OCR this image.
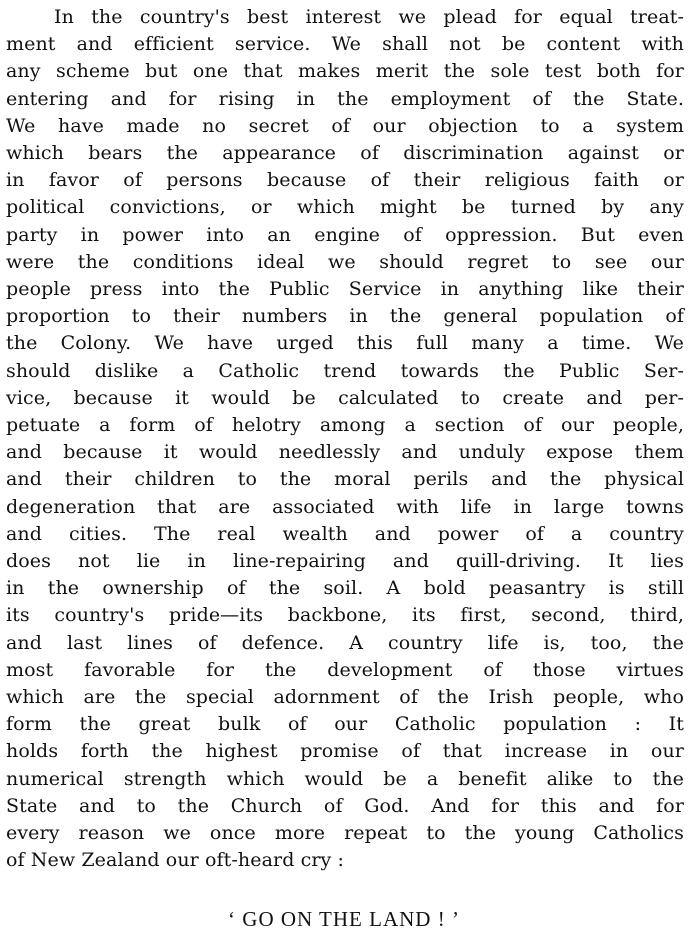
In the country's best interest we plead for equal treat-
ment and efficient service. We shall not be content with
any scheme but one that makes merit the sole test both for
entering and for rising in the employment of the State.
We have made no secret of our objection to a system
which bears the appearance of discrimination against or
in favor of persons because of their religious faith or
political convictions, or which might be turned by any
party in power into an engine of oppression. But even
were the conditions ideal we should regret to see our
people press into the Public Service in anything like their
proportion to their numbers in the general population of
the Colony. We have urged this full many a time. We
should dislike a Catholic trend towards the Public Ser-
vice, because it would be calculated to create and per-
petuate a form of helotry among a section of our people,
and because it would needlessly and unduly expose them
and their children to the moral perils and the physical
degeneration that are associated with life in large towns
and cities. The real wealth and power of a country
does not lie in line-repairing and quill-driving. It lies
in the ownership of the soil. A bold peasantry is still
its country's pride—its backbone, its first, second, third,
and last lines of defence. A country life is, too, the
most favorable for the development of those virtues
which are the special adornment of the Irish people, who
form the great bulk of our Catholic population : It
holds forth the highest promise of that increase in our
numerical strength which would be a benefit alike to the
State and to the Church of God. And for this and for
every reason we once more repeat to the young Catholics
of New Zealand our oft-heard cry :
‘ GO ON THE LAND ! ’
